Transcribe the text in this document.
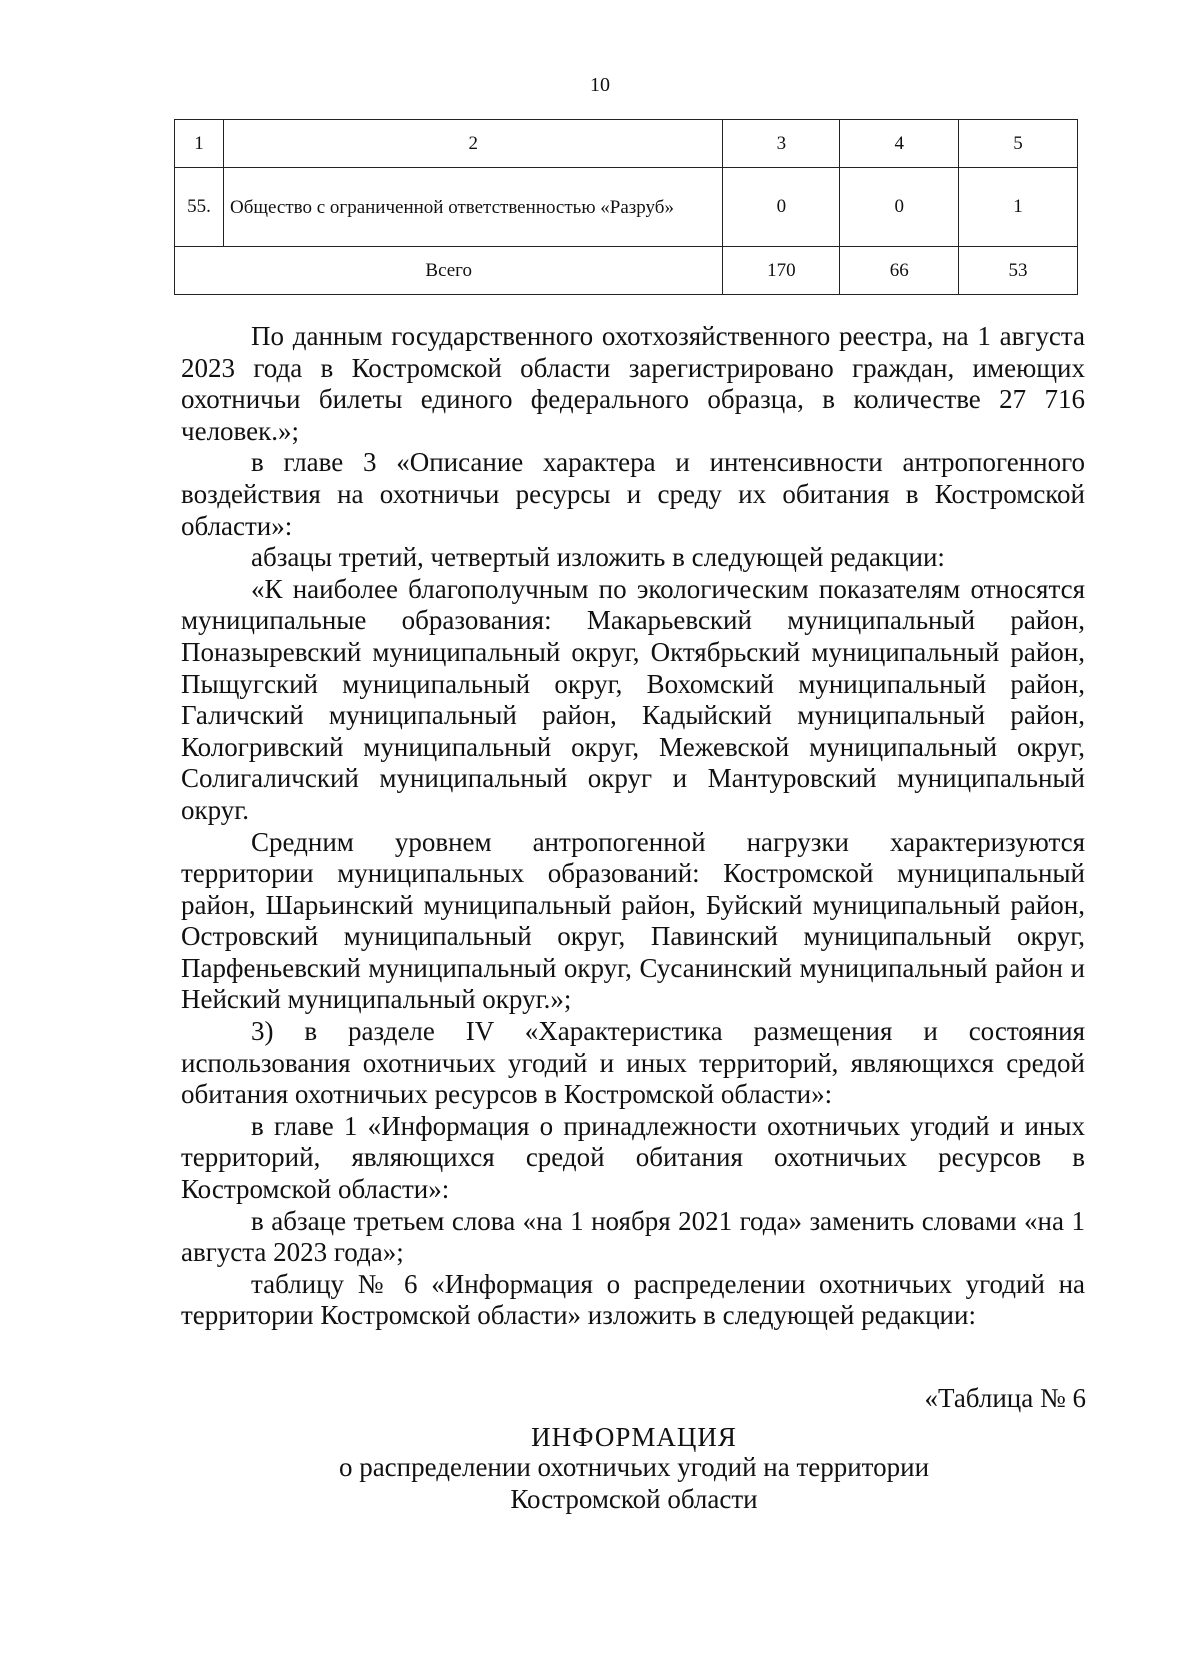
10
1	2	3	4	5
55.	Общество с ограниченной ответственностью «Разруб»	0	0	1
Всего		170	66	53

По данным государственного охотхозяйственного реестра, на 1 августа 2023 года в Костромской области зарегистрировано граждан, имеющих охотничьи билеты единого федерального образца, в количестве 27 716 человек.»;

в главе 3 «Описание характера и интенсивности антропогенного воздействия на охотничьи ресурсы и среду их обитания в Костромской области»:

абзацы третий, четвертый изложить в следующей редакции:

«К наиболее благополучным по экологическим показателям относятся муниципальные образования: Макарьевский муниципальный район, Поназыревский муниципальный округ, Октябрьский муниципальный район, Пыщугский муниципальный округ, Вохомский муниципальный район, Галичский муниципальный район, Кадыйский муниципальный район, Кологривский муниципальный округ, Межевской муниципальный округ, Солигаличский муниципальный округ и Мантуровский муниципальный округ.

Средним уровнем антропогенной нагрузки характеризуются территории муниципальных образований: Костромской муниципальный район, Шарьинский муниципальный район, Буйский муниципальный район, Островский муниципальный округ, Павинский муниципальный округ, Парфеньевский муниципальный округ, Сусанинский муниципальный район и Нейский муниципальный округ.»;

3) в разделе IV «Характеристика размещения и состояния использования охотничьих угодий и иных территорий, являющихся средой обитания охотничьих ресурсов в Костромской области»:

в главе 1 «Информация о принадлежности охотничьих угодий и иных территорий, являющихся средой обитания охотничьих ресурсов в Костромской области»:

в абзаце третьем слова «на 1 ноября 2021 года» заменить словами «на 1 августа 2023 года»;

таблицу № 6 «Информация о распределении охотничьих угодий на территории Костромской области» изложить в следующей редакции:

«Таблица № 6
ИНФОРМАЦИЯ
о распределении охотничьих угодий на территории
Костромской области
